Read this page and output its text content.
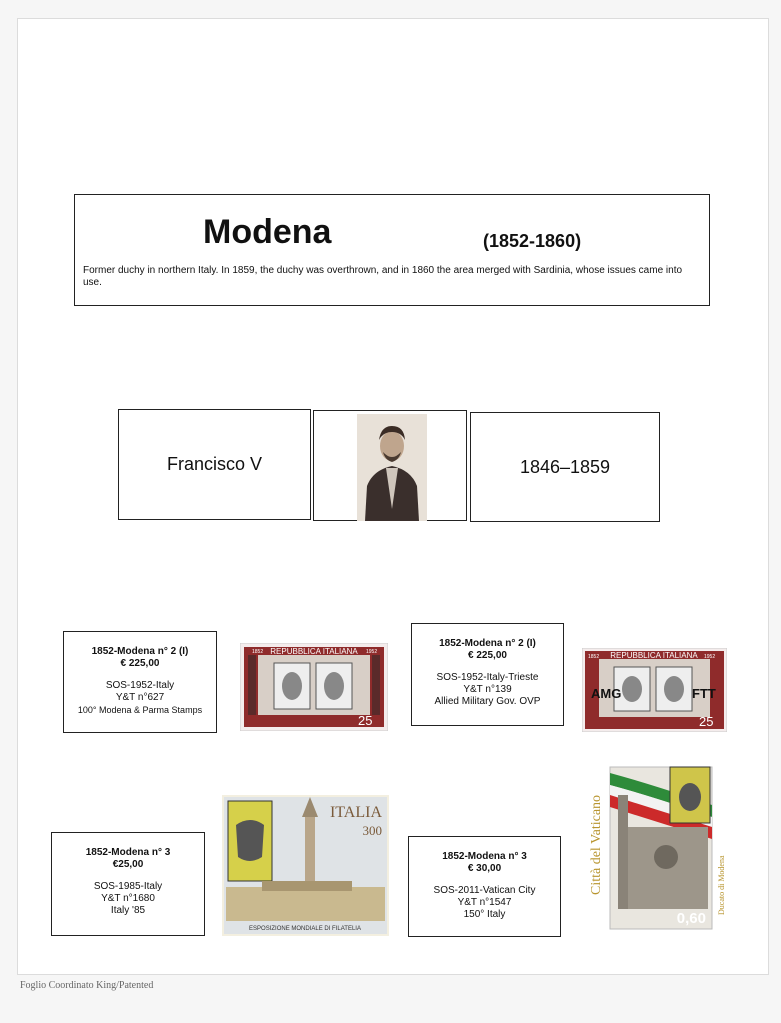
Modena	(1852-1860)
Former duchy in northern Italy. In 1859, the duchy was overthrown, and in 1860 the area merged with Sardinia, whose issues came into use.
Francisco V	1846–1859
1852-Modena n° 2 (I)
€ 225,00
SOS-1952-Italy
Y&T n°627
100° Modena & Parma Stamps
1852-Modena n° 2 (I)
€ 225,00
SOS-1952-Italy-Trieste
Y&T n°139
Allied Military Gov. OVP
1852-Modena n° 3
€25,00
SOS-1985-Italy
Y&T n°1680
Italy '85
1852-Modena n° 3
€ 30,00
SOS-2011-Vatican City
Y&T n°1547
150° Italy
REPUBBLICA ITALIANA
1852	1952
25
REPUBBLICA ITALIANA
1852	1952
AMG	FTT
25
ITALIA
300
ESPOSIZIONE MONDIALE DI FILATELIA
Città del Vaticano	Ducato di Modena
0,60
Foglio Coordinato King/Patented
